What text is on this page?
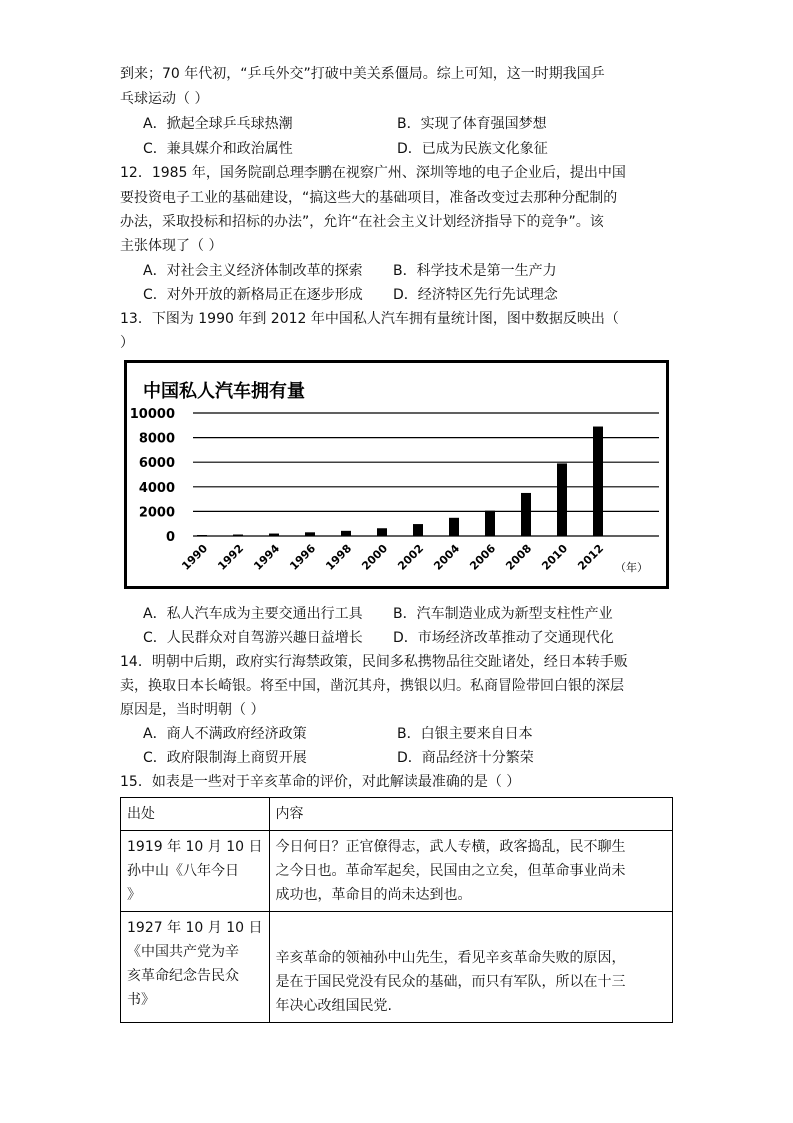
到来；70 年代初，“乒乓外交”打破中美关系僵局。综上可知，这一时期我国乒
乓球运动（ ）
A．掀起全球乒乓球热潮	B．实现了体育强国梦想
C．兼具媒介和政治属性	D．已成为民族文化象征
12．1985 年，国务院副总理李鹏在视察广州、深圳等地的电子企业后，提出中国
要投资电子工业的基础建设，“搞这些大的基础项目，准备改变过去那种分配制的
办法，采取投标和招标的办法”，允许“在社会主义计划经济指导下的竞争”。该
主张体现了（ ）
A．对社会主义经济体制改革的探索 B．科学技术是第一生产力
C．对外开放的新格局正在逐步形成 D．经济特区先行先试理念
13．下图为 1990 年到 2012 年中国私人汽车拥有量统计图，图中数据反映出（
）
中国私人汽车拥有量
0
2000
4000
6000
8000
10000
1990 1992 1994 1996 1998 2000 2002 2004 2006 2008 2010 2012 （年）
A．私人汽车成为主要交通出行工具 B．汽车制造业成为新型支柱性产业
C．人民群众对自驾游兴趣日益增长 D．市场经济改革推动了交通现代化
14．明朝中后期，政府实行海禁政策，民间多私携物品往交趾诸处，经日本转手贩
卖，换取日本长崎银。将至中国，凿沉其舟，携银以归。私商冒险带回白银的深层
原因是，当时明朝（ ）
A．商人不满政府经济政策	B．白银主要来自日本
C．政府限制海上商贸开展	D．商品经济十分繁荣
15．如表是一些对于辛亥革命的评价，对此解读最准确的是（ ）
出处	内容

1919 年 10 月 10 日
孙中山《八年今日
》	今日何日？正官僚得志，武人专横，政客捣乱，民不聊生
之今日也。革命军起矣，民国由之立矣，但革命事业尚未
成功也，革命目的尚未达到也。

1927 年 10 月 10 日
《中国共产党为辛
亥革命纪念告民众
书》	辛亥革命的领袖孙中山先生，看见辛亥革命失败的原因，
是在于国民党没有民众的基础，而只有军队，所以在十三
年决心改组国民党.
